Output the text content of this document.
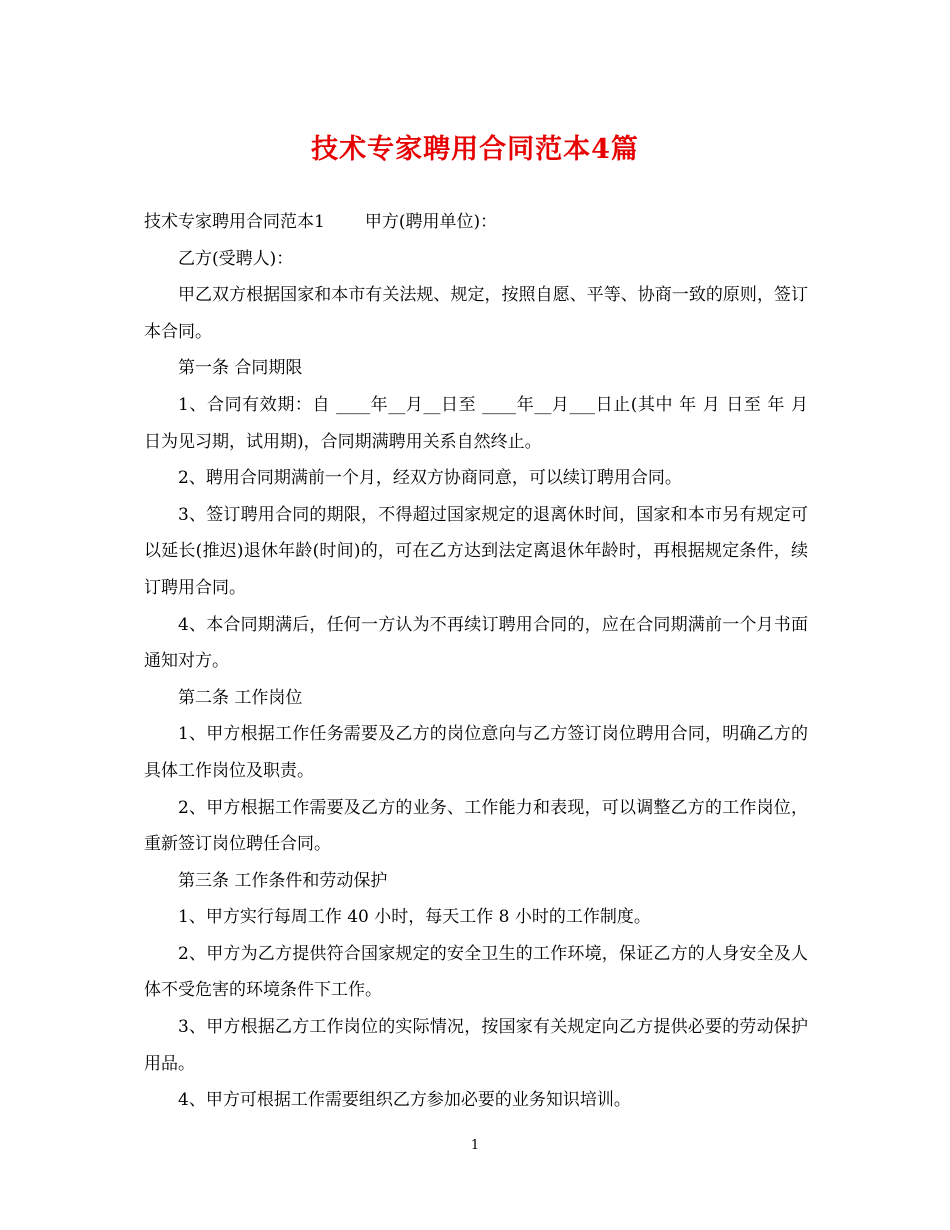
技术专家聘用合同范本4篇

技术专家聘用合同范本1 甲方(聘用单位)：

乙方(受聘人)：

甲乙双方根据国家和本市有关法规、规定，按照自愿、平等、协商一致的原则，签订本合同。

第一条 合同期限

1、合同有效期：自 ____年__月__日至 ____年__月___日止(其中 年 月 日至 年 月 日为见习期，试用期)，合同期满聘用关系自然终止。

2、聘用合同期满前一个月，经双方协商同意，可以续订聘用合同。

3、签订聘用合同的期限，不得超过国家规定的退离休时间，国家和本市另有规定可以延长(推迟)退休年龄(时间)的，可在乙方达到法定离退休年龄时，再根据规定条件，续订聘用合同。

4、本合同期满后，任何一方认为不再续订聘用合同的，应在合同期满前一个月书面通知对方。

第二条 工作岗位

1、甲方根据工作任务需要及乙方的岗位意向与乙方签订岗位聘用合同，明确乙方的具体工作岗位及职责。

2、甲方根据工作需要及乙方的业务、工作能力和表现，可以调整乙方的工作岗位，重新签订岗位聘任合同。

第三条 工作条件和劳动保护

1、甲方实行每周工作 40 小时，每天工作 8 小时的工作制度。

2、甲方为乙方提供符合国家规定的安全卫生的工作环境，保证乙方的人身安全及人体不受危害的环境条件下工作。

3、甲方根据乙方工作岗位的实际情况，按国家有关规定向乙方提供必要的劳动保护用品。

4、甲方可根据工作需要组织乙方参加必要的业务知识培训。

1
